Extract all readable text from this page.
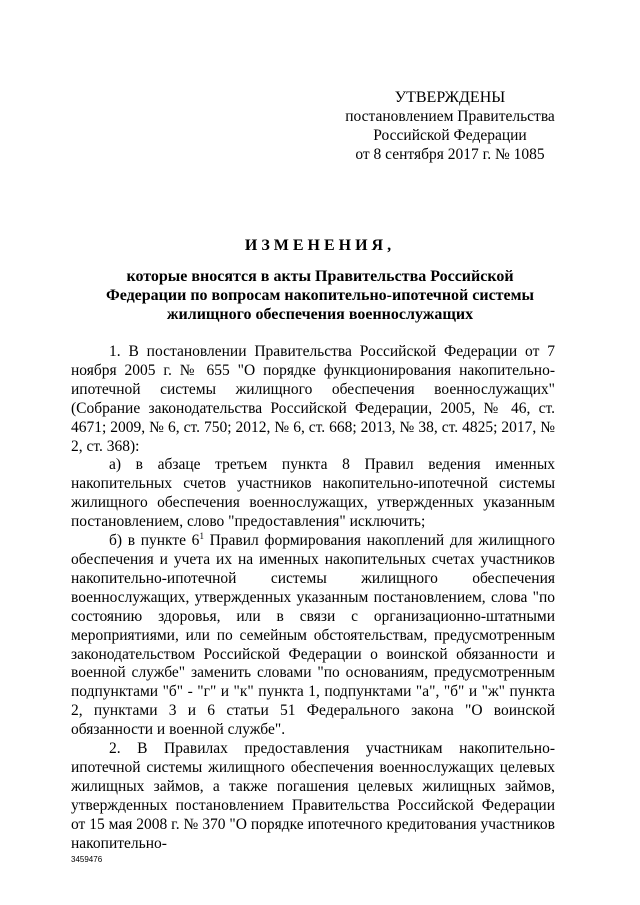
УТВЕРЖДЕНЫ
постановлением Правительства
Российской Федерации
от 8 сентября 2017 г. № 1085
ИЗМЕНЕНИЯ,
которые вносятся в акты Правительства Российской Федерации по вопросам накопительно-ипотечной системы жилищного обеспечения военнослужащих

1. В постановлении Правительства Российской Федерации от 7 ноября 2005 г. № 655 "О порядке функционирования накопительно-ипотечной системы жилищного обеспечения военнослужащих" (Собрание законодательства Российской Федерации, 2005, № 46, ст. 4671; 2009, № 6, ст. 750; 2012, № 6, ст. 668; 2013, № 38, ст. 4825; 2017, № 2, ст. 368):

а) в абзаце третьем пункта 8 Правил ведения именных накопительных счетов участников накопительно-ипотечной системы жилищного обеспечения военнослужащих, утвержденных указанным постановлением, слово "предоставления" исключить;

б) в пункте $6^1$ Правил формирования накоплений для жилищного обеспечения и учета их на именных накопительных счетах участников накопительно-ипотечной системы жилищного обеспечения военнослужащих, утвержденных указанным постановлением, слова "по состоянию здоровья, или в связи с организационно-штатными мероприятиями, или по семейным обстоятельствам, предусмотренным законодательством Российской Федерации о воинской обязанности и военной службе" заменить словами "по основаниям, предусмотренным подпунктами "б" - "г" и "к" пункта 1, подпунктами "а", "б" и "ж" пункта 2, пунктами 3 и 6 статьи 51 Федерального закона "О воинской обязанности и военной службе".

2. В Правилах предоставления участникам накопительно-ипотечной системы жилищного обеспечения военнослужащих целевых жилищных займов, а также погашения целевых жилищных займов, утвержденных постановлением Правительства Российской Федерации от 15 мая 2008 г. № 370 "О порядке ипотечного кредитования участников накопительно-

3459476
